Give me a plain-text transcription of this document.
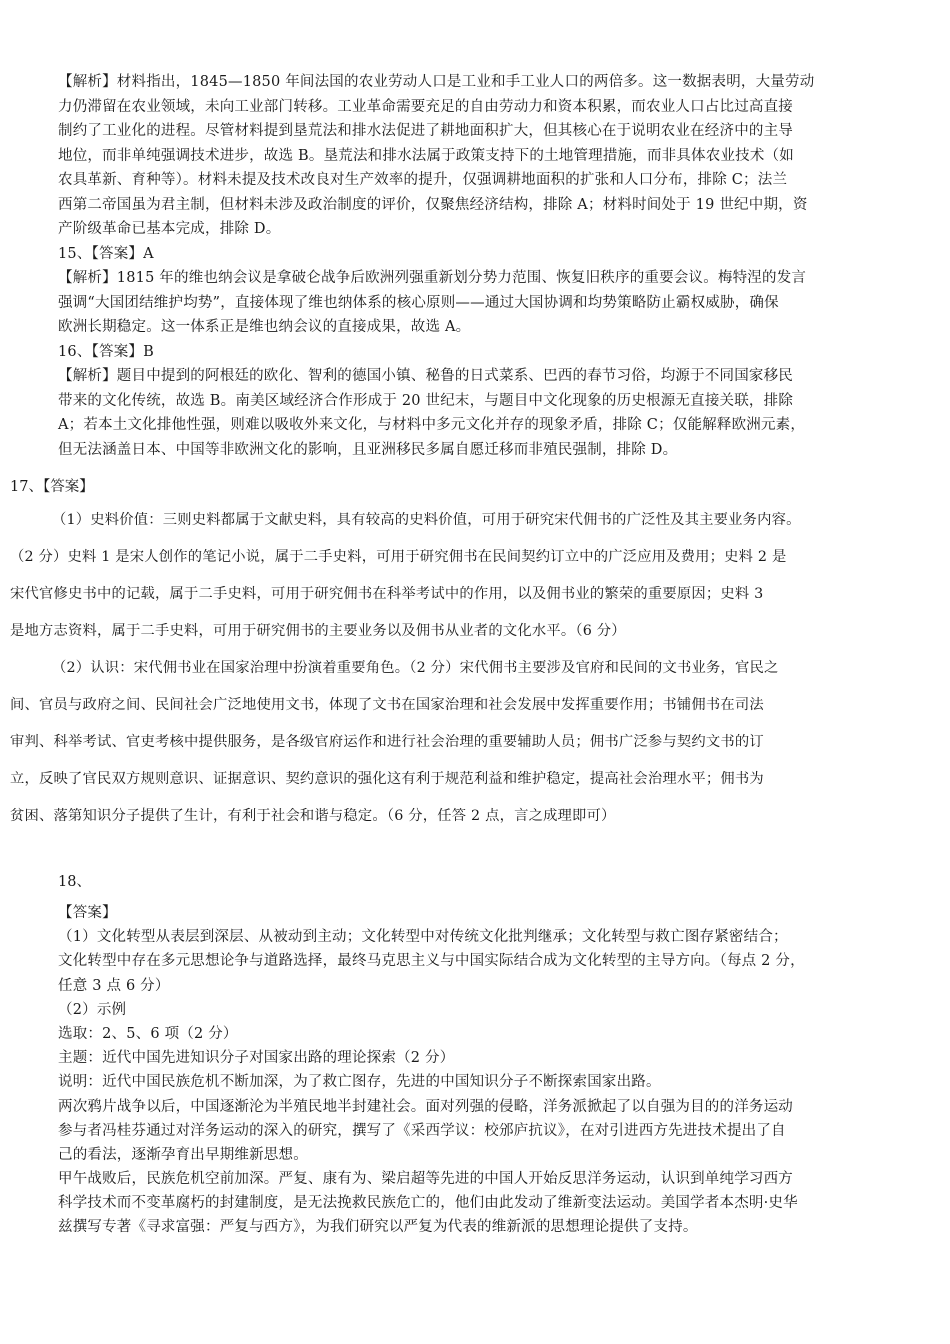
【解析】材料指出，1845—1850 年间法国的农业劳动人口是工业和手工业人口的两倍多。这一数据表明，大量劳动

力仍滞留在农业领域，未向工业部门转移。工业革命需要充足的自由劳动力和资本积累，而农业人口占比过高直接

制约了工业化的进程。尽管材料提到垦荒法和排水法促进了耕地面积扩大，但其核心在于说明农业在经济中的主导

地位，而非单纯强调技术进步，故选 B。垦荒法和排水法属于政策支持下的土地管理措施，而非具体农业技术（如

农具革新、育种等）。材料未提及技术改良对生产效率的提升，仅强调耕地面积的扩张和人口分布，排除 C；法兰

西第二帝国虽为君主制，但材料未涉及政治制度的评价，仅聚焦经济结构，排除 A；材料时间处于 19 世纪中期，资

产阶级革命已基本完成，排除 D。

15、【答案】A

【解析】1815 年的维也纳会议是拿破仑战争后欧洲列强重新划分势力范围、恢复旧秩序的重要会议。梅特涅的发言

强调“大国团结维护均势”，直接体现了维也纳体系的核心原则——通过大国协调和均势策略防止霸权威胁，确保

欧洲长期稳定。这一体系正是维也纳会议的直接成果，故选 A。

16、【答案】B

【解析】题目中提到的阿根廷的欧化、智利的德国小镇、秘鲁的日式菜系、巴西的春节习俗，均源于不同国家移民

带来的文化传统，故选 B。南美区域经济合作形成于 20 世纪末，与题目中文化现象的历史根源无直接关联，排除

A；若本土文化排他性强，则难以吸收外来文化，与材料中多元文化并存的现象矛盾，排除 C；仅能解释欧洲元素，

但无法涵盖日本、中国等非欧洲文化的影响，且亚洲移民多属自愿迁移而非殖民强制，排除 D。

17、【答案】

（1）史料价值：三则史料都属于文献史料，具有较高的史料价值，可用于研究宋代佣书的广泛性及其主要业务内容。

（2 分）史料 1 是宋人创作的笔记小说，属于二手史料，可用于研究佣书在民间契约订立中的广泛应用及费用；史料 2 是

宋代官修史书中的记载，属于二手史料，可用于研究佣书在科举考试中的作用，以及佣书业的繁荣的重要原因；史料 3

是地方志资料，属于二手史料，可用于研究佣书的主要业务以及佣书从业者的文化水平。（6 分）

（2）认识：宋代佣书业在国家治理中扮演着重要角色。（2 分）宋代佣书主要涉及官府和民间的文书业务，官民之

间、官员与政府之间、民间社会广泛地使用文书，体现了文书在国家治理和社会发展中发挥重要作用；书铺佣书在司法

审判、科举考试、官吏考核中提供服务，是各级官府运作和进行社会治理的重要辅助人员；佣书广泛参与契约文书的订

立，反映了官民双方规则意识、证据意识、契约意识的强化这有利于规范利益和维护稳定，提高社会治理水平；佣书为

贫困、落第知识分子提供了生计，有利于社会和谐与稳定。（6 分，任答 2 点，言之成理即可）

18、

【答案】

（1）文化转型从表层到深层、从被动到主动；文化转型中对传统文化批判继承；文化转型与救亡图存紧密结合；

文化转型中存在多元思想论争与道路选择，最终马克思主义与中国实际结合成为文化转型的主导方向。（每点 2 分，

任意 3 点 6 分）

（2）示例

选取：2、5、6 项（2 分）

主题：近代中国先进知识分子对国家出路的理论探索（2 分）

说明：近代中国民族危机不断加深，为了救亡图存，先进的中国知识分子不断探索国家出路。

两次鸦片战争以后，中国逐渐沦为半殖民地半封建社会。面对列强的侵略，洋务派掀起了以自强为目的的洋务运动

参与者冯桂芬通过对洋务运动的深入的研究，撰写了《采西学议：校邠庐抗议》，在对引进西方先进技术提出了自

己的看法，逐渐孕育出早期维新思想。

甲午战败后，民族危机空前加深。严复、康有为、梁启超等先进的中国人开始反思洋务运动，认识到单纯学习西方

科学技术而不变革腐朽的封建制度，是无法挽救民族危亡的，他们由此发动了维新变法运动。美国学者本杰明·史华

兹撰写专著《寻求富强：严复与西方》，为我们研究以严复为代表的维新派的思想理论提供了支持。
